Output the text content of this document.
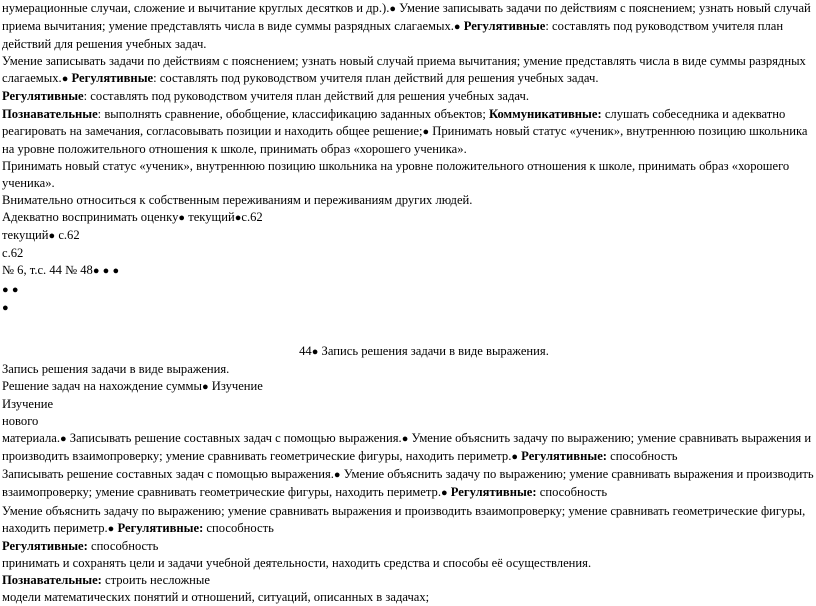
нумерационные случаи, сложение и вычитание круглых десятков и др.).● Умение записывать задачи по действиям с пояснением; узнать новый случай приема вычитания; умение представлять числа в виде суммы разрядных слагаемых.● Регулятивные: составлять под руководством учителя план действий для решения учебных задач.

Умение записывать задачи по действиям с пояснением; узнать новый случай приема вычитания; умение представлять числа в виде суммы разрядных слагаемых.● Регулятивные: составлять под руководством учителя план действий для решения учебных задач.

Регулятивные: составлять под руководством учителя план действий для решения учебных задач.

Познавательные: выполнять сравнение, обобщение, классификацию заданных объектов; Коммуникативные: слушать собеседника и адекватно реагировать на замечания, согласовывать позиции и находить общее решение;● Принимать новый статус «ученик», внутреннюю позицию школьника на уровне положительного отношения к школе, принимать образ «хорошего ученика».

Принимать новый статус «ученик», внутреннюю позицию школьника на уровне положительного отношения к школе, принимать образ «хорошего ученика».

Внимательно относиться к собственным переживаниям и переживаниям других людей.

Адекватно воспринимать оценку● текущий●с.62

текущий● с.62

с.62

№ 6, т.с. 44 № 48● ● ●

● ●

●

44● Запись решения задачи в виде выражения.

Запись решения задачи в виде выражения.

Решение задач на нахождение суммы● Изучение

Изучение

нового

материала.● Записывать решение составных задач с помощью выражения.● Умение объяснить задачу по выражению; умение сравнивать выражения и производить взаимопроверку; умение сравнивать геометрические фигуры, находить периметр.● Регулятивные: способность

Записывать решение составных задач с помощью выражения.● Умение объяснить задачу по выражению; умение сравнивать выражения и производить взаимопроверку; умение сравнивать геометрические фигуры, находить периметр.● Регулятивные: способность

Умение объяснить задачу по выражению; умение сравнивать выражения и производить взаимопроверку; умение сравнивать геометрические фигуры, находить периметр.● Регулятивные: способность

Регулятивные: способность

принимать и сохранять цели и задачи учебной деятельности, находить средства и способы её осуществления.

Познавательные: строить несложные

модели математических понятий и отношений, ситуаций, описанных в задачах;
